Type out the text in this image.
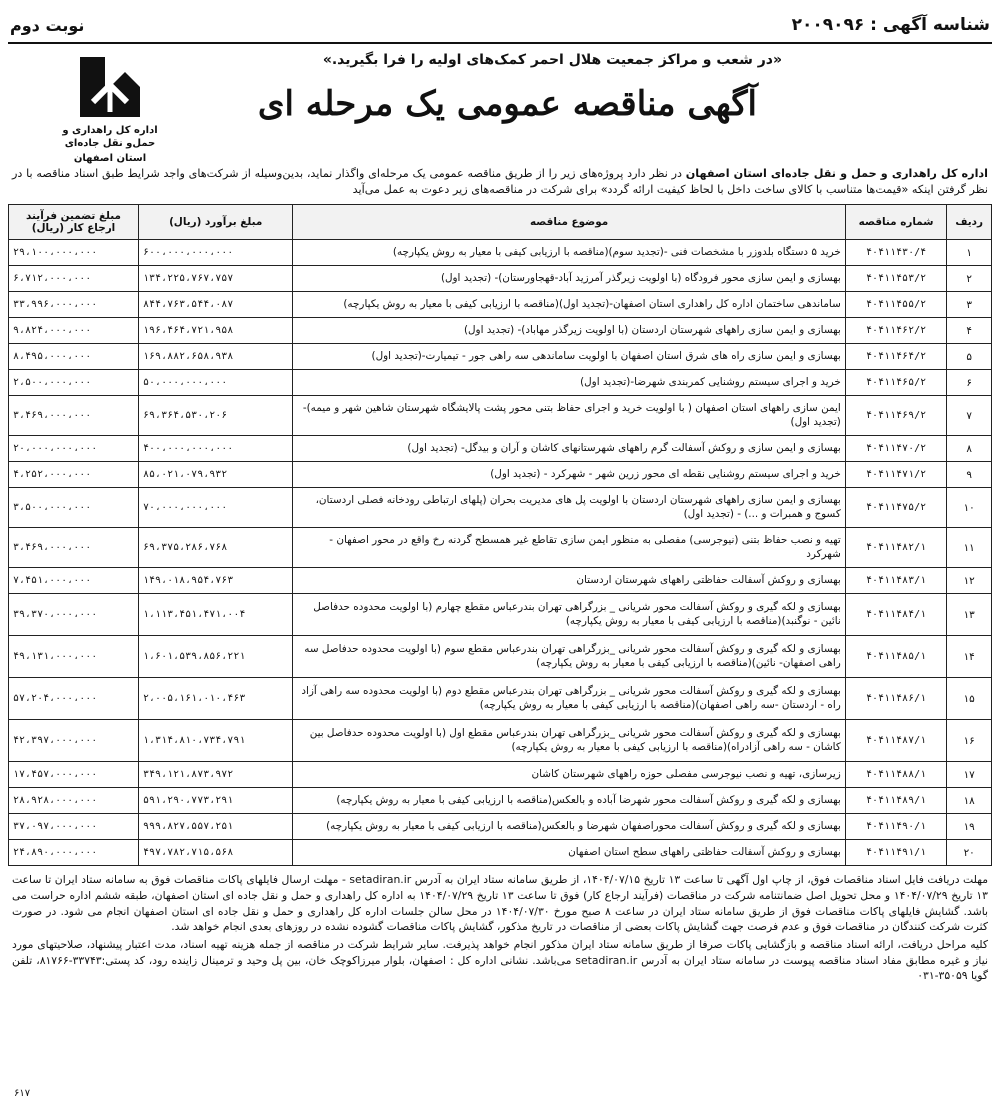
شناسه آگهی : ۲۰۰۹۰۹۶
نوبت دوم
«در شعب و مراکز جمعیت هلال احمر کمک‌های اولیه را فرا بگیرید.»
آگهی مناقصه عمومی یک مرحله ای
اداره کل راهداری و حمل‌و نقل جاده‌ای
استان اصفهان
اداره کل راهداری و حمل و نقل جاده‌ای استان اصفهان در نظر دارد پروژه‌های زیر را از طریق مناقصه عمومی یک مرحله‌ای واگذار نماید، بدین‌وسیله از شرکت‌های واجد شرایط طبق اسناد مناقصه با در نظر گرفتن اینکه «قیمت‌ها متناسب با کالای ساخت داخل با لحاظ کیفیت ارائه گردد» برای شرکت در مناقصه‌های زیر دعوت به عمل می‌آید
ردیف	شماره مناقصه	موضوع مناقصه	مبلغ برآورد (ریال)	مبلغ تضمین فرآیند ارجاع کار (ریال)
۱	۴۰۴۱۱۴۳۰/۴	خرید ۵ دستگاه بلدوزر با مشخصات فنی -(تجدید سوم)(مناقصه با ارزیابی کیفی با معیار به روش یکپارچه)	۶۰۰،۰۰۰،۰۰۰،۰۰۰	۲۹،۱۰۰،۰۰۰،۰۰۰
۲	۴۰۴۱۱۴۵۳/۲	بهسازی و ایمن سازی محور فرودگاه (با اولویت زیرگذر آمرزید آباد-قهجاورستان)- (تجدید اول)	۱۳۴،۲۲۵،۷۶۷،۷۵۷	۶،۷۱۲،۰۰۰،۰۰۰
۳	۴۰۴۱۱۴۵۵/۲	ساماندهی ساختمان اداره کل راهداری استان اصفهان-(تجدید اول)(مناقصه با ارزیابی کیفی با معیار به روش یکپارچه)	۸۴۴،۷۶۳،۵۴۴،۰۸۷	۳۳،۹۹۶،۰۰۰،۰۰۰
۴	۴۰۴۱۱۴۶۲/۲	بهسازی و ایمن سازی راههای شهرستان اردستان (با اولویت زیرگذر مهاباد)- (تجدید اول)	۱۹۶،۴۶۴،۷۲۱،۹۵۸	۹،۸۲۴،۰۰۰،۰۰۰
۵	۴۰۴۱۱۴۶۴/۲	بهسازی و ایمن سازی راه های شرق استان اصفهان با اولویت ساماندهی سه راهی جور - تیمیارت-(تجدید اول)	۱۶۹،۸۸۲،۶۵۸،۹۳۸	۸،۴۹۵،۰۰۰،۰۰۰
۶	۴۰۴۱۱۴۶۵/۲	خرید و اجرای سیستم روشنایی کمربندی شهرضا-(تجدید اول)	۵۰،۰۰۰،۰۰۰،۰۰۰	۲،۵۰۰،۰۰۰،۰۰۰
۷	۴۰۴۱۱۴۶۹/۲	ایمن سازی راههای استان اصفهان ( با اولویت خرید و اجرای حفاظ بتنی محور پشت پالایشگاه شهرستان شاهین شهر و میمه)-(تجدید اول)	۶۹،۳۶۴،۵۳۰،۲۰۶	۳،۴۶۹،۰۰۰،۰۰۰
۸	۴۰۴۱۱۴۷۰/۲	بهسازی و ایمن سازی و روکش آسفالت گرم راههای شهرستانهای کاشان و آران و بیدگل- (تجدید اول)	۴۰۰،۰۰۰،۰۰۰،۰۰۰	۲۰،۰۰۰،۰۰۰،۰۰۰
۹	۴۰۴۱۱۴۷۱/۲	خرید و اجرای سیستم روشنایی نقطه ای محور زرین شهر - شهرکرد - (تجدید اول)	۸۵،۰۲۱،۰۷۹،۹۳۲	۴،۲۵۲،۰۰۰،۰۰۰
۱۰	۴۰۴۱۱۴۷۵/۲	بهسازی و ایمن سازی راههای شهرستان اردستان با اولویت پل های مدیریت بحران (پلهای ارتباطی رودخانه فصلی اردستان، کسوج و همبرات و ...) - (تجدید اول)	۷۰،۰۰۰،۰۰۰،۰۰۰	۳،۵۰۰،۰۰۰،۰۰۰
۱۱	۴۰۴۱۱۴۸۲/۱	تهیه و نصب حفاظ بتنی (نیوجرسی) مفصلی به منظور ایمن سازی تقاطع غیر همسطح گردنه رخ واقع در محور اصفهان - شهرکرد	۶۹،۳۷۵،۲۸۶،۷۶۸	۳،۴۶۹،۰۰۰،۰۰۰
۱۲	۴۰۴۱۱۴۸۳/۱	بهسازی و روکش آسفالت حفاظتی راههای شهرستان اردستان	۱۴۹،۰۱۸،۹۵۴،۷۶۳	۷،۴۵۱،۰۰۰،۰۰۰
۱۳	۴۰۴۱۱۴۸۴/۱	بهسازی و لکه گیری و روکش آسفالت محور شریانی _ بزرگراهی تهران بندرعباس مقطع چهارم (با اولویت محدوده حدفاصل نائین - نوگنبد)(مناقصه با ارزیابی کیفی با معیار به روش یکپارچه)	۱،۱۱۳،۴۵۱،۴۷۱،۰۰۴	۳۹،۳۷۰،۰۰۰،۰۰۰
۱۴	۴۰۴۱۱۴۸۵/۱	بهسازی و لکه گیری و روکش آسفالت محور شریانی _بزرگراهی تهران بندرعباس مقطع سوم (با اولویت محدوده حدفاصل سه راهی اصفهان- نائین)(مناقصه با ارزیابی کیفی با معیار به روش یکپارچه)	۱،۶۰۱،۵۳۹،۸۵۶،۲۲۱	۴۹،۱۳۱،۰۰۰،۰۰۰
۱۵	۴۰۴۱۱۴۸۶/۱	بهسازی و لکه گیری و روکش آسفالت محور شریانی _ بزرگراهی تهران بندرعباس مقطع دوم (با اولویت محدوده سه راهی آزاد راه - اردستان -سه راهی اصفهان)(مناقصه با ارزیابی کیفی با معیار به روش یکپارچه)	۲،۰۰۵،۱۶۱،۰۱۰،۴۶۳	۵۷،۲۰۴،۰۰۰،۰۰۰
۱۶	۴۰۴۱۱۴۸۷/۱	بهسازی و لکه گیری و روکش آسفالت محور شریانی _بزرگراهی تهران بندرعباس مقطع اول (با اولویت محدوده حدفاصل بین کاشان - سه راهی آزادراه)(مناقصه با ارزیابی کیفی با معیار به روش یکپارچه)	۱،۳۱۴،۸۱۰،۷۳۴،۷۹۱	۴۲،۳۹۷،۰۰۰،۰۰۰
۱۷	۴۰۴۱۱۴۸۸/۱	زیرسازی، تهیه و نصب نیوجرسی مفصلی حوزه راههای شهرستان کاشان	۳۴۹،۱۲۱،۸۷۳،۹۷۲	۱۷،۴۵۷،۰۰۰،۰۰۰
۱۸	۴۰۴۱۱۴۸۹/۱	بهسازی و لکه گیری و روکش آسفالت محور شهرضا آباده و بالعکس(مناقصه با ارزیابی کیفی با معیار به روش یکپارچه)	۵۹۱،۲۹۰،۷۷۳،۲۹۱	۲۸،۹۲۸،۰۰۰،۰۰۰
۱۹	۴۰۴۱۱۴۹۰/۱	بهسازی و لکه گیری و روکش آسفالت محوراصفهان شهرضا و بالعکس(مناقصه با ارزیابی کیفی با معیار به روش یکپارچه)	۹۹۹،۸۲۷،۵۵۷،۲۵۱	۳۷،۰۹۷،۰۰۰،۰۰۰
۲۰	۴۰۴۱۱۴۹۱/۱	بهسازی و روکش آسفالت حفاظتی راههای سطح استان اصفهان	۴۹۷،۷۸۲،۷۱۵،۵۶۸	۲۴،۸۹۰،۰۰۰،۰۰۰

مهلت دریافت فایل اسناد مناقصات فوق، از چاپ اول آگهی تا ساعت ۱۳ تاریخ ۱۴۰۴/۰۷/۱۵، از طریق سامانه ستاد ایران به آدرس setadiran.ir - مهلت ارسال فایلهای پاکات مناقصات فوق به سامانه ستاد ایران تا ساعت ۱۳ تاریخ ۱۴۰۴/۰۷/۲۹ و محل تحویل اصل ضمانتنامه شرکت در مناقصات (فرآیند ارجاع کار) فوق تا ساعت ۱۳ تاریخ ۱۴۰۴/۰۷/۲۹ به اداره کل راهداری و حمل و نقل جاده ای استان اصفهان، طبقه ششم اداره حراست می باشد. گشایش فایلهای پاکات مناقصات فوق از طریق سامانه ستاد ایران در ساعت ۸ صبح مورخ ۱۴۰۴/۰۷/۳۰ در محل سالن جلسات اداره کل راهداری و حمل و نقل جاده ای استان اصفهان انجام می شود. در صورت کثرت شرکت کنندگان در مناقصات فوق و عدم فرصت جهت گشایش پاکات بعضی از مناقصات در تاریخ مذکور، گشایش پاکات مناقصات گشوده نشده در روزهای بعدی انجام خواهد شد.

کلیه مراحل دریافت، ارائه اسناد مناقصه و بازگشایی پاکات صرفا از طریق سامانه ستاد ایران مذکور انجام خواهد پذیرفت. سایر شرایط شرکت در مناقصه از جمله هزینه تهیه اسناد، مدت اعتبار پیشنهاد، صلاحیتهای مورد نیاز و غیره مطابق مفاد اسناد مناقصه پیوست در سامانه ستاد ایران به آدرس setadiran.ir می‌باشد. نشانی اداره کل : اصفهان، بلوار میرزاکوچک خان، بین پل وحید و ترمینال زاینده رود، کد پستی:۳۳۷۴۳-۸۱۷۶۶، تلفن گویا ۳۵۰۵۹-۰۳۱

۶۱۷
